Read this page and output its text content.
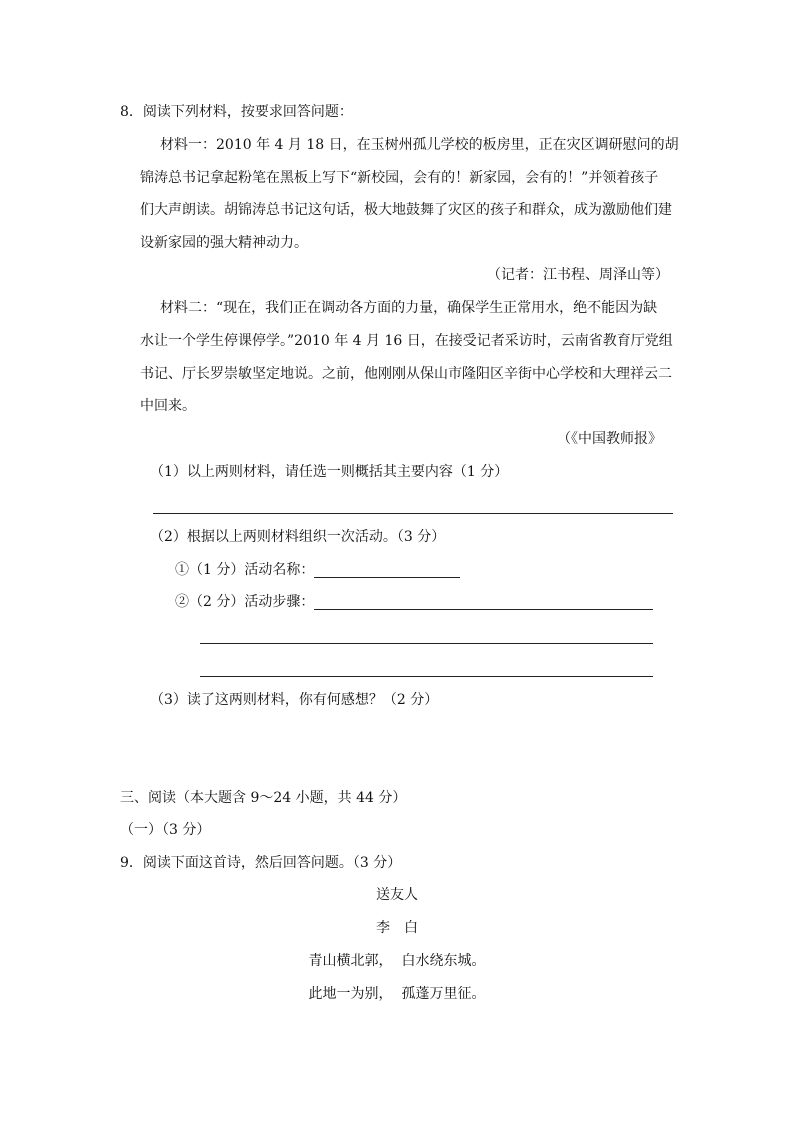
8．阅读下列材料，按要求回答问题：
材料一：2010 年 4 月 18 日，在玉树州孤儿学校的板房里，正在灾区调研慰问的胡
锦涛总书记拿起粉笔在黑板上写下“新校园，会有的！新家园，会有的！”并领着孩子
们大声朗读。胡锦涛总书记这句话，极大地鼓舞了灾区的孩子和群众，成为激励他们建
设新家园的强大精神动力。
（记者：江书程、周泽山等）
材料二：“现在，我们正在调动各方面的力量，确保学生正常用水，绝不能因为缺
水让一个学生停课停学。”2010 年 4 月 16 日，在接受记者采访时，云南省教育厅党组
书记、厅长罗崇敏坚定地说。之前，他刚刚从保山市隆阳区辛街中心学校和大理祥云二
中回来。
（《中国教师报》
（1）以上两则材料，请任选一则概括其主要内容（1 分）
（2）根据以上两则材料组织一次活动。（3 分）
①（1 分）活动名称：
②（2 分）活动步骤：
（3）读了这两则材料，你有何感想？（2 分）
三、阅读（本大题含 9～24 小题，共 44 分）
（一）（3 分）
9．阅读下面这首诗，然后回答问题。（3 分）
送友人
李　白
青山横北郭，  白水绕东城。
此地一为别，  孤蓬万里征。
